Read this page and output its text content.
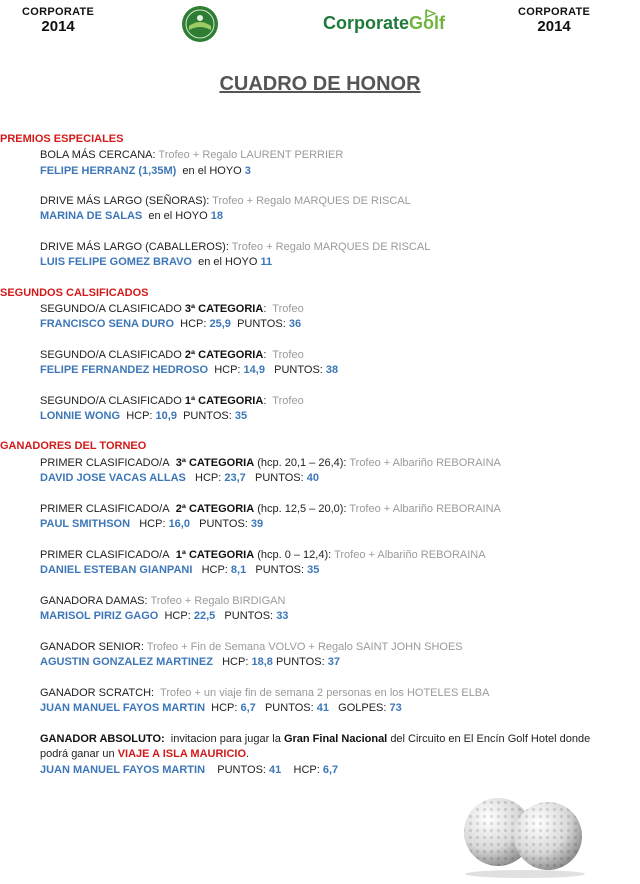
CORPORATE
2014	CorporateGolf
CORPORATE
2014
CUADRO DE HONOR
PREMIOS ESPECIALES
BOLA MÁS CERCANA: Trofeo + Regalo LAURENT PERRIER
FELIPE HERRANZ (1,35M) en el HOYO 3
DRIVE MÁS LARGO (SEÑORAS): Trofeo + Regalo MARQUES DE RISCAL
MARINA DE SALAS en el HOYO 18
DRIVE MÁS LARGO (CABALLEROS): Trofeo + Regalo MARQUES DE RISCAL
LUIS FELIPE GOMEZ BRAVO en el HOYO 11
SEGUNDOS CALSIFICADOS
SEGUNDO/A CLASIFICADO 3ª CATEGORIA: Trofeo
FRANCISCO SENA DURO HCP: 25,9 PUNTOS: 36
SEGUNDO/A CLASIFICADO 2ª CATEGORIA: Trofeo
FELIPE FERNANDEZ HEDROSO HCP: 14,9 PUNTOS: 38
SEGUNDO/A CLASIFICADO 1ª CATEGORIA: Trofeo
LONNIE WONG HCP: 10,9 PUNTOS: 35
GANADORES DEL TORNEO
PRIMER CLASIFICADO/A 3ª CATEGORIA (hcp. 20,1 – 26,4): Trofeo + Albariño REBORAINA
DAVID JOSE VACAS ALLAS HCP: 23,7 PUNTOS: 40
PRIMER CLASIFICADO/A 2ª CATEGORIA (hcp. 12,5 – 20,0): Trofeo + Albariño REBORAINA
PAUL SMITHSON HCP: 16,0 PUNTOS: 39
PRIMER CLASIFICADO/A 1ª CATEGORIA (hcp. 0 – 12,4): Trofeo + Albariño REBORAINA
DANIEL ESTEBAN GIANPANI HCP: 8,1 PUNTOS: 35
GANADORA DAMAS: Trofeo + Regalo BIRDIGAN
MARISOL PIRIZ GAGO HCP: 22,5 PUNTOS: 33
GANADOR SENIOR: Trofeo + Fin de Semana VOLVO + Regalo SAINT JOHN SHOES
AGUSTIN GONZALEZ MARTINEZ HCP: 18,8 PUNTOS: 37
GANADOR SCRATCH: Trofeo + un viaje fin de semana 2 personas en los HOTELES ELBA
JUAN MANUEL FAYOS MARTIN HCP: 6,7 PUNTOS: 41 GOLPES: 73
GANADOR ABSOLUTO: invitacion para jugar la Gran Final Nacional del Circuito en El Encín Golf Hotel donde
podrá ganar un VIAJE A ISLA MAURICIO.
JUAN MANUEL FAYOS MARTIN PUNTOS: 41 HCP: 6,7
